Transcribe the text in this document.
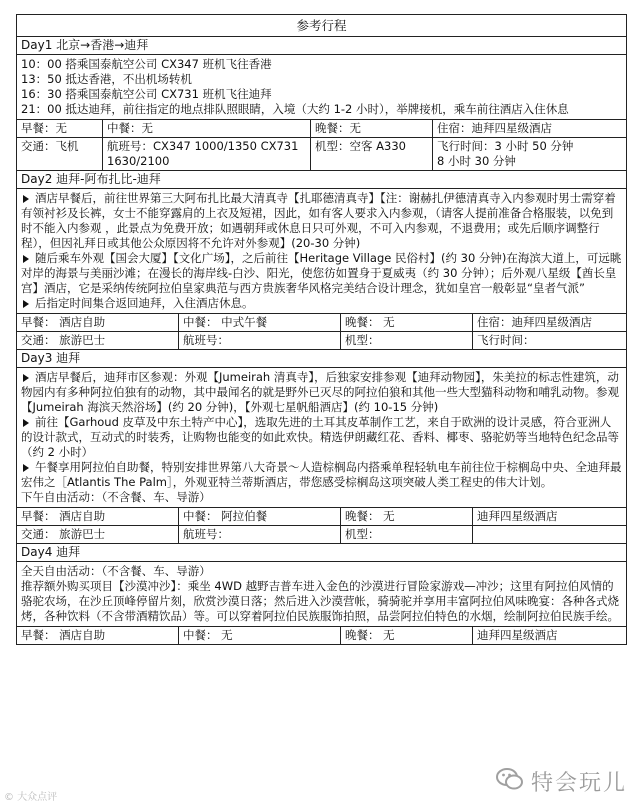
参考行程						
Day1 北京→香港→迪拜						

10：00 搭乘国泰航空公司 CX347 班机飞往香港
13：50 抵达香港，不出机场转机
16：30 搭乘国泰航空公司 CX731 班机飞往迪拜
21：00 抵达迪拜，前往指定的地点排队照眼睛，入境（大约 1-2 小时），举牌接机，乘车前往酒店入住休息						

早餐：无	中餐：无		晚餐：无		住宿：迪拜四星级酒店	
交通：飞机	航班号：CX347 1000/1350 CX731 1630/2100		机型：空客 A330		飞行时间：3 小时 50 分钟
8 小时 30 分钟	

Day2 迪拜-阿布扎比-迪拜						

酒店早餐后，前往世界第三大阿布扎比最大清真寺【扎耶德清真寺】【注：谢赫扎伊德清真寺入内参观时男士需穿着有领衬衫及长裤，女士不能穿露肩的上衣及短裙，因此，如有客人要求入内参观，（请客人提前准备合格服装，以免到时不能入内参观 ，此景点为免费开放；如遇朝拜或休息日只可外观，不可入内参观，不退费用；或先后顺序调整行程），但因礼拜日或其他公众原因将不允许对外参观】(20-30 分钟)
随后乘车外观【国会大厦】【文化广场】，之后前往【Heritage Village 民俗村】(约 30 分钟)在海滨大道上，可远眺对岸的海景与美丽沙滩；在漫长的海岸线-白沙、阳光，使您彷如置身于夏威夷（约 30 分钟）；后外观八星级【酋长皇宫】酒店，它是采纳传统阿拉伯皇家典范与西方贵族奢华风格完美结合设计理念，犹如皇宫一般彰显“皇者气派”
后指定时间集合返回迪拜，入住酒店休息。						

早餐： 酒店自助		中餐： 中式午餐		晚餐： 无		住宿：迪拜四星级酒店
交通： 旅游巴士		航班号：		机型：		飞行时间：
Day3 迪拜						

酒店早餐后，迪拜市区参观：外观【Jumeirah 清真寺】，后独家安排参观【迪拜动物园】，朱美拉的标志性建筑，动物园内有多种阿拉伯独有的动物，其中最闻名的就是野外已灭尽的阿拉伯狼和其他一些大型猫科动物和哺乳动物。参观【Jumeirah 海滨天然浴场】(约 20 分钟)，【外观七星帆船酒店】(约 10-15 分钟)
前往【Garhoud 皮草及中东土特产中心】，选取先进的土耳其皮革制作工艺，来自于欧洲的设计灵感，符合亚洲人的设计款式，互动式的时装秀，让购物也能变的如此欢快。精选伊朗藏红花、香料、椰枣、骆驼奶等当地特色纪念品等（约 2 小时）
午餐享用阿拉伯自助餐，特别安排世界第八大奇景～人造棕榈岛内搭乘单程轻轨电车前往位于棕榈岛中央、全迪拜最宏伟之［Atlantis The Palm］，外观亚特兰蒂斯酒店，带您感受棕榈岛这项突破人类工程史的伟大计划。
下午自由活动：（不含餐、车、导游）						

早餐： 酒店自助		中餐： 阿拉伯餐		晚餐： 无		迪拜四星级酒店
交通： 旅游巴士		航班号：		机型：		
Day4 迪拜						

全天自由活动：（不含餐、车、导游）
推荐额外购买项目【沙漠冲沙】：乘坐 4WD 越野吉普车进入金色的沙漠进行冒险家游戏—冲沙；这里有阿拉伯风情的骆驼农场，在沙丘顶峰停留片刻，欣赏沙漠日落；然后进入沙漠营帐，骑骑驼并享用丰富阿拉伯风味晚宴：各种各式烧烤，各种饮料（不含带酒精饮品）等。可以穿着阿拉伯民族服饰拍照，品尝阿拉伯特色的水烟，绘制阿拉伯民族手绘。						

早餐： 酒店自助		中餐： 无		晚餐： 无		迪拜四星级酒店
© 大众点评
特会玩儿
